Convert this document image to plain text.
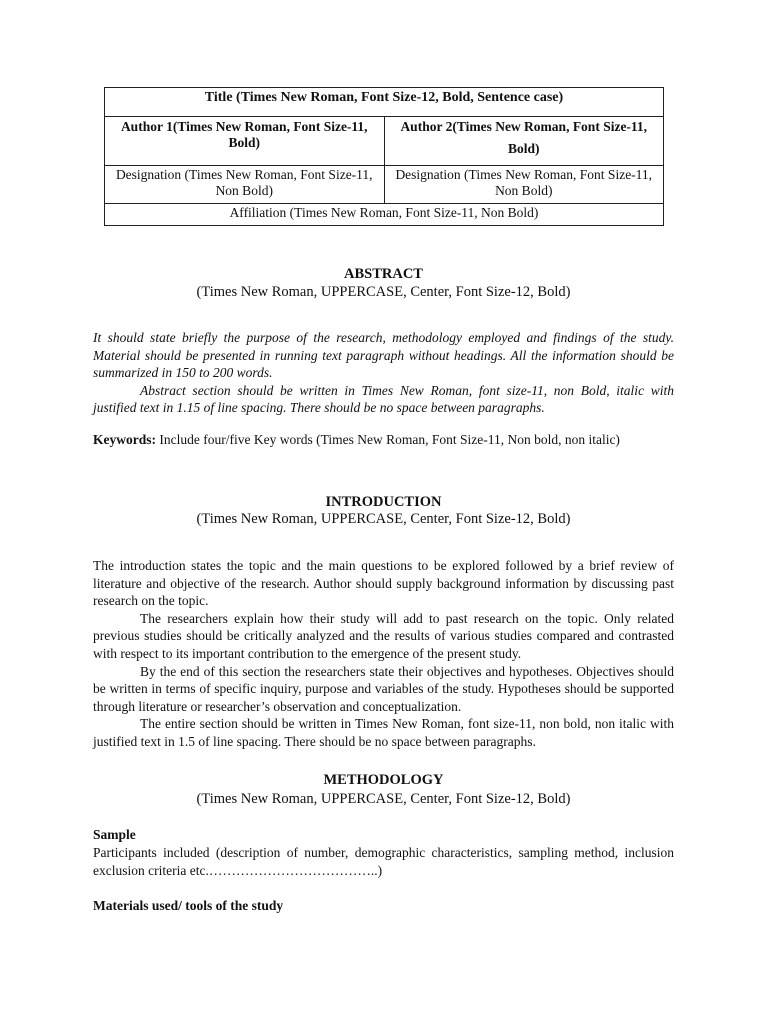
Title (Times New Roman, Font Size-12, Bold, Sentence case)	
Author 1(Times New Roman, Font Size-11,
Bold)	Author 2(Times New Roman, Font Size-11,
Bold)

Designation (Times New Roman, Font Size-11, Non Bold)	Designation (Times New Roman, Font Size-11, Non Bold)
Affiliation (Times New Roman, Font Size-11, Non Bold)	
ABSTRACT
(Times New Roman, UPPERCASE, Center, Font Size-12, Bold)
It should state briefly the purpose of the research, methodology employed and findings of the study. Material should be presented in running text paragraph without headings. All the information should be summarized in 150 to 200 words.
Abstract section should be written in Times New Roman, font size-11, non Bold, italic with justified text in 1.15 of line spacing. There should be no space between paragraphs.
Keywords: Include four/five Key words (Times New Roman, Font Size-11, Non bold, non italic)
INTRODUCTION
(Times New Roman, UPPERCASE, Center, Font Size-12, Bold)
The introduction states the topic and the main questions to be explored followed by a brief review of literature and objective of the research. Author should supply background information by discussing past research on the topic.
The researchers explain how their study will add to past research on the topic. Only related previous studies should be critically analyzed and the results of various studies compared and contrasted with respect to its important contribution to the emergence of the present study.
By the end of this section the researchers state their objectives and hypotheses. Objectives should be written in terms of specific inquiry, purpose and variables of the study. Hypotheses should be supported through literature or researcher’s observation and conceptualization.
The entire section should be written in Times New Roman, font size-11, non bold, non italic with justified text in 1.5 of line spacing. There should be no space between paragraphs.
METHODOLOGY
(Times New Roman, UPPERCASE, Center, Font Size-12, Bold)
Sample
Participants included (description of number, demographic characteristics, sampling method, inclusion exclusion criteria etc.………………………………..)
Materials used/ tools of the study
